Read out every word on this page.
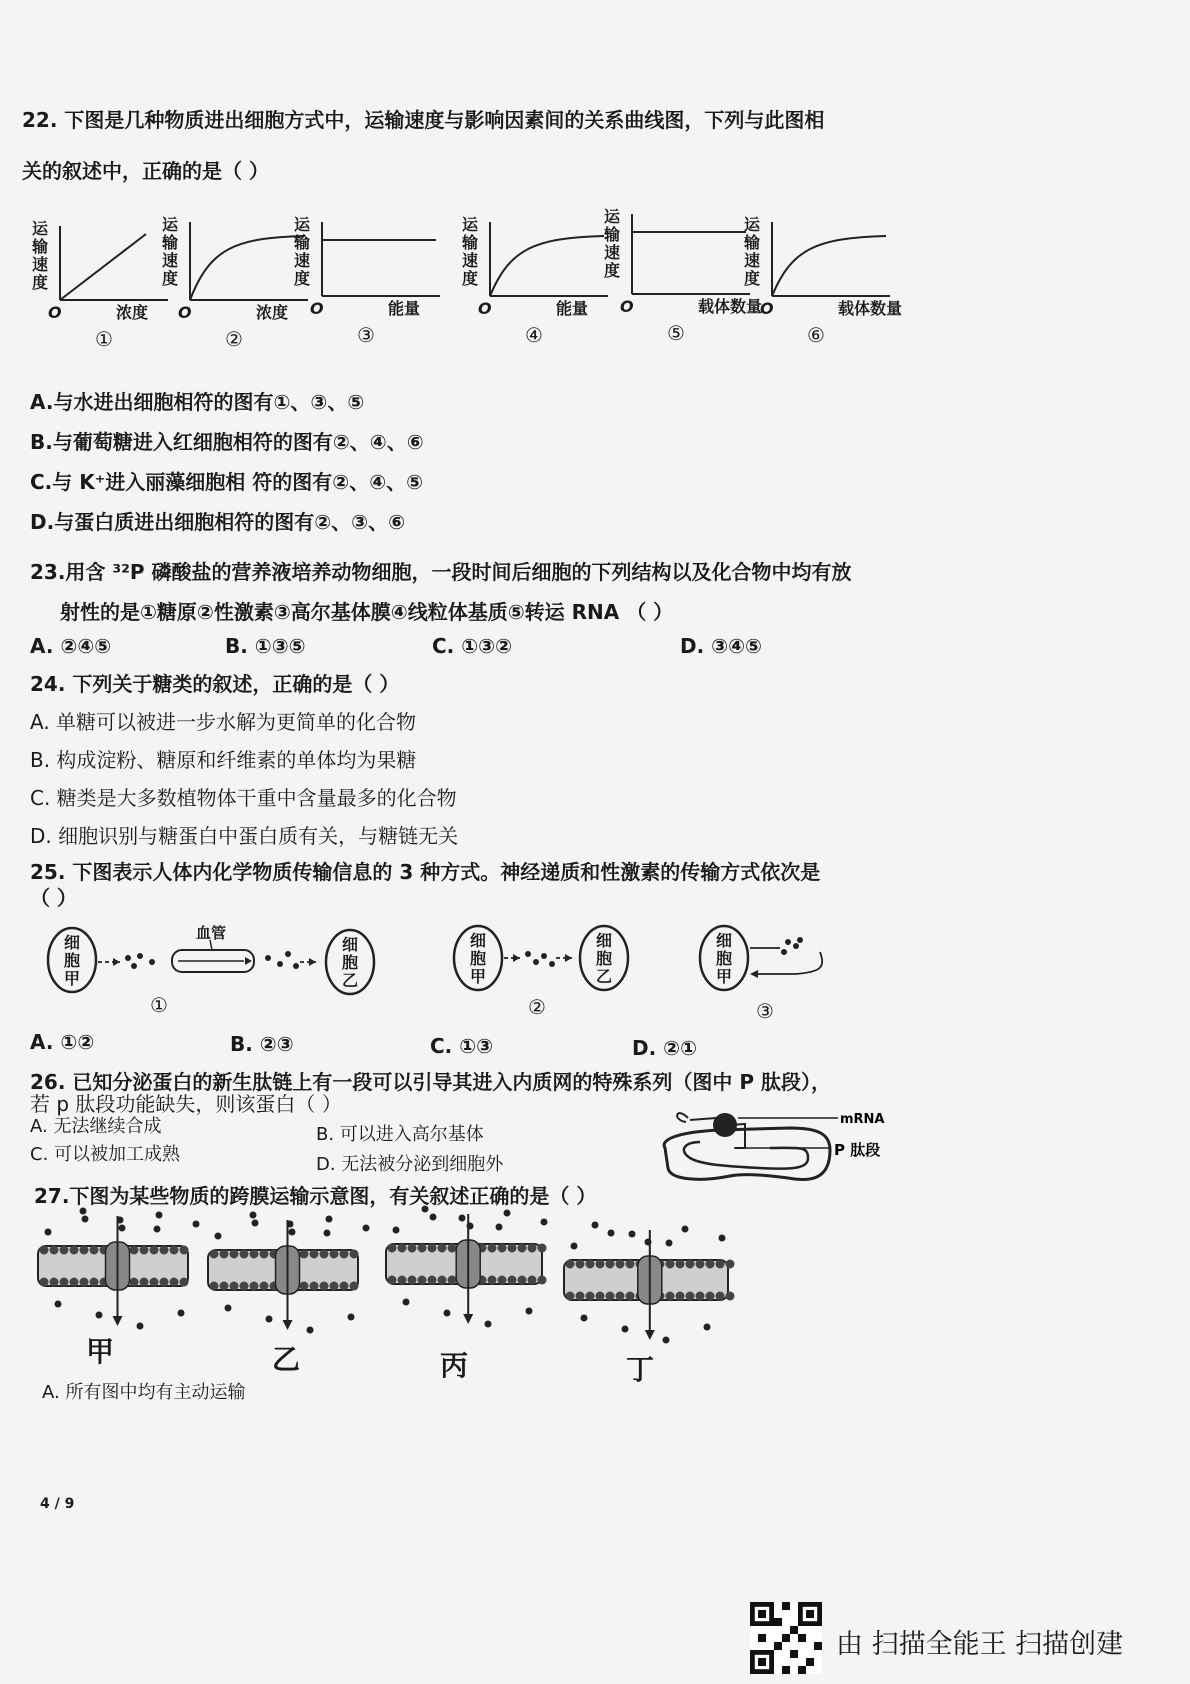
22. 下图是几种物质进出细胞方式中，运输速度与影响因素间的关系曲线图，下列与此图相
关的叙述中，正确的是（ ）
运
输
速
度
O	浓度
①
运
输
速
度
O	浓度
②
运
输
速
度
O	能量
③
运
输
速
度
O	能量
④
运
输
速
度
O	载体数量
⑤
运
输
速
度
O	载体数量
⑥
细
胞
甲
血管
细
胞
乙
①
细
胞
甲
细
胞
乙
②
细
胞
甲
③
mRNA
P 肽段
A.与水进出细胞相符的图有①、③、⑤
B.与葡萄糖进入红细胞相符的图有②、④、⑥
C.与 K⁺进入丽藻细胞相 符的图有②、④、⑤
D.与蛋白质进出细胞相符的图有②、③、⑥
23.用含 ³²P 磷酸盐的营养液培养动物细胞，一段时间后细胞的下列结构以及化合物中均有放
射性的是①糖原②性激素③高尔基体膜④线粒体基质⑤转运 RNA （ ）
A. ②④⑤	B. ①③⑤	C. ①③②	D. ③④⑤
24. 下列关于糖类的叙述，正确的是（ ）
A. 单糖可以被进一步水解为更简单的化合物
B. 构成淀粉、糖原和纤维素的单体均为果糖
C. 糖类是大多数植物体干重中含量最多的化合物
D. 细胞识别与糖蛋白中蛋白质有关，与糖链无关
25. 下图表示人体内化学物质传输信息的 3 种方式。神经递质和性激素的传输方式依次是
（ ）
A. ①②	B. ②③	C. ①③	D. ②①
26. 已知分泌蛋白的新生肽链上有一段可以引导其进入内质网的特殊系列（图中 P 肽段），
若 p 肽段功能缺失，则该蛋白（ ）
A. 无法继续合成	B. 可以进入高尔基体
C. 可以被加工成熟	D. 无法被分泌到细胞外
27.下图为某些物质的跨膜运输示意图，有关叙述正确的是（ ）
甲	乙	丙	丁
A. 所有图中均有主动运输
4 / 9
由 扫描全能王 扫描创建
